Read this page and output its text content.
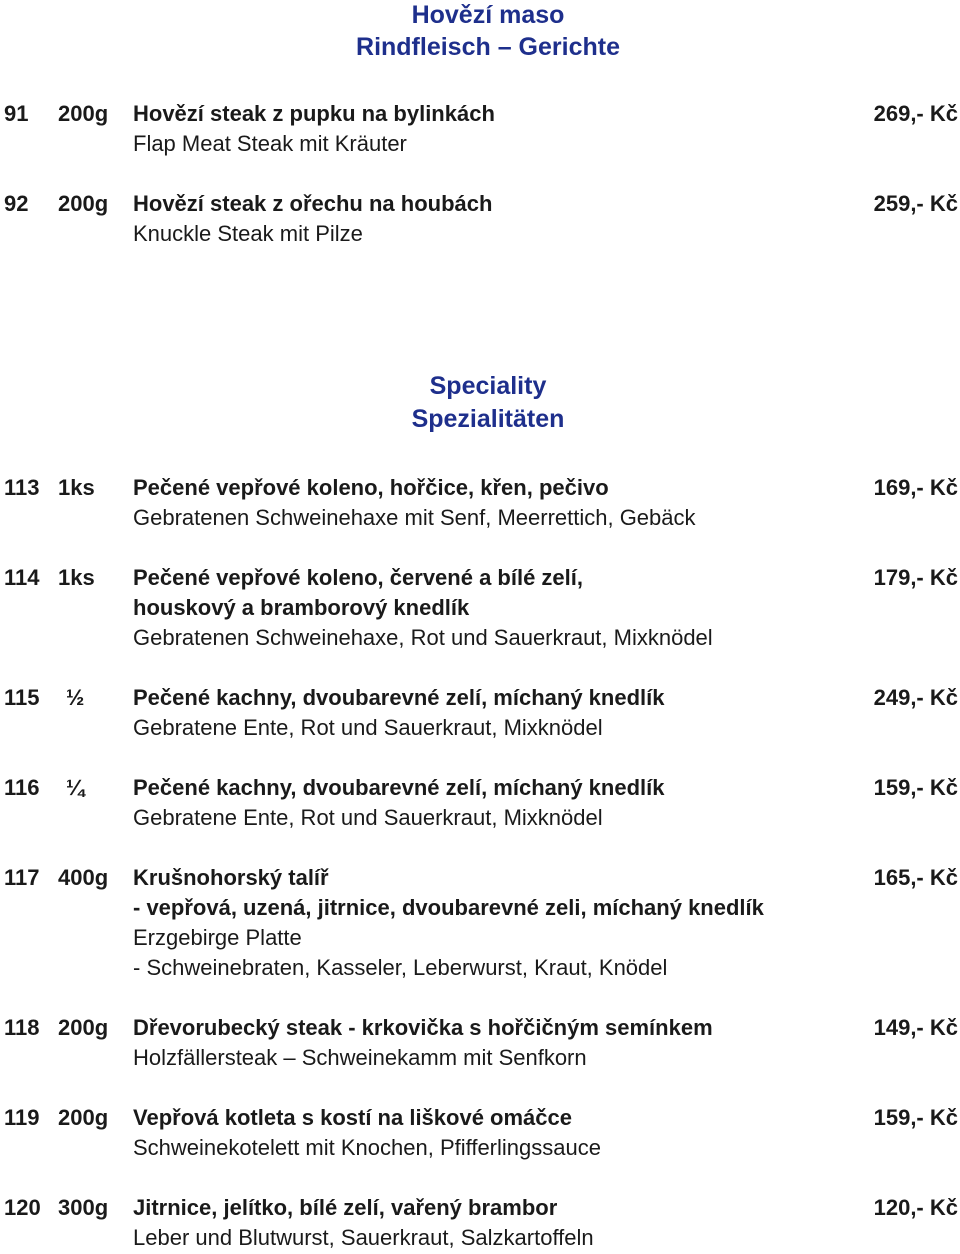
Hovězí maso
Rindfleisch – Gerichte
91 200g Hovězí steak z pupku na bylinkách
Flap Meat Steak mit Kräuter
269,- Kč
92 200g Hovězí steak z ořechu na houbách
Knuckle Steak mit Pilze
259,- Kč
Speciality
Spezialitäten
113 1ks Pečené vepřové koleno, hořčice, křen, pečivo
Gebratenen Schweinehaxe mit Senf, Meerrettich, Gebäck
169,- Kč
114 1ks Pečené vepřové koleno, červené a bílé zelí,
houskový a bramborový knedlík
Gebratenen Schweinehaxe, Rot und Sauerkraut, Mixknödel
179,- Kč
115 ½ Pečené kachny, dvoubarevné zelí, míchaný knedlík
Gebratene Ente, Rot und Sauerkraut, Mixknödel
249,- Kč
116 ¼ Pečené kachny, dvoubarevné zelí, míchaný knedlík
Gebratene Ente, Rot und Sauerkraut, Mixknödel
159,- Kč
117 400g Krušnohorský talíř
- vepřová, uzená, jitrnice, dvoubarevné zeli, míchaný knedlík
Erzgebirge Platte
- Schweinebraten, Kasseler, Leberwurst, Kraut, Knödel
165,- Kč
118 200g Dřevorubecký steak - krkovička s hořčičným semínkem
Holzfällersteak – Schweinekamm mit Senfkorn
149,- Kč
119 200g Vepřová kotleta s kostí na liškové omáčce
Schweinekotelett mit Knochen, Pfifferlingssauce
159,- Kč
120 300g Jitrnice, jelítko, bílé zelí, vařený brambor
Leber und Blutwurst, Sauerkraut, Salzkartoffeln
120,- Kč
